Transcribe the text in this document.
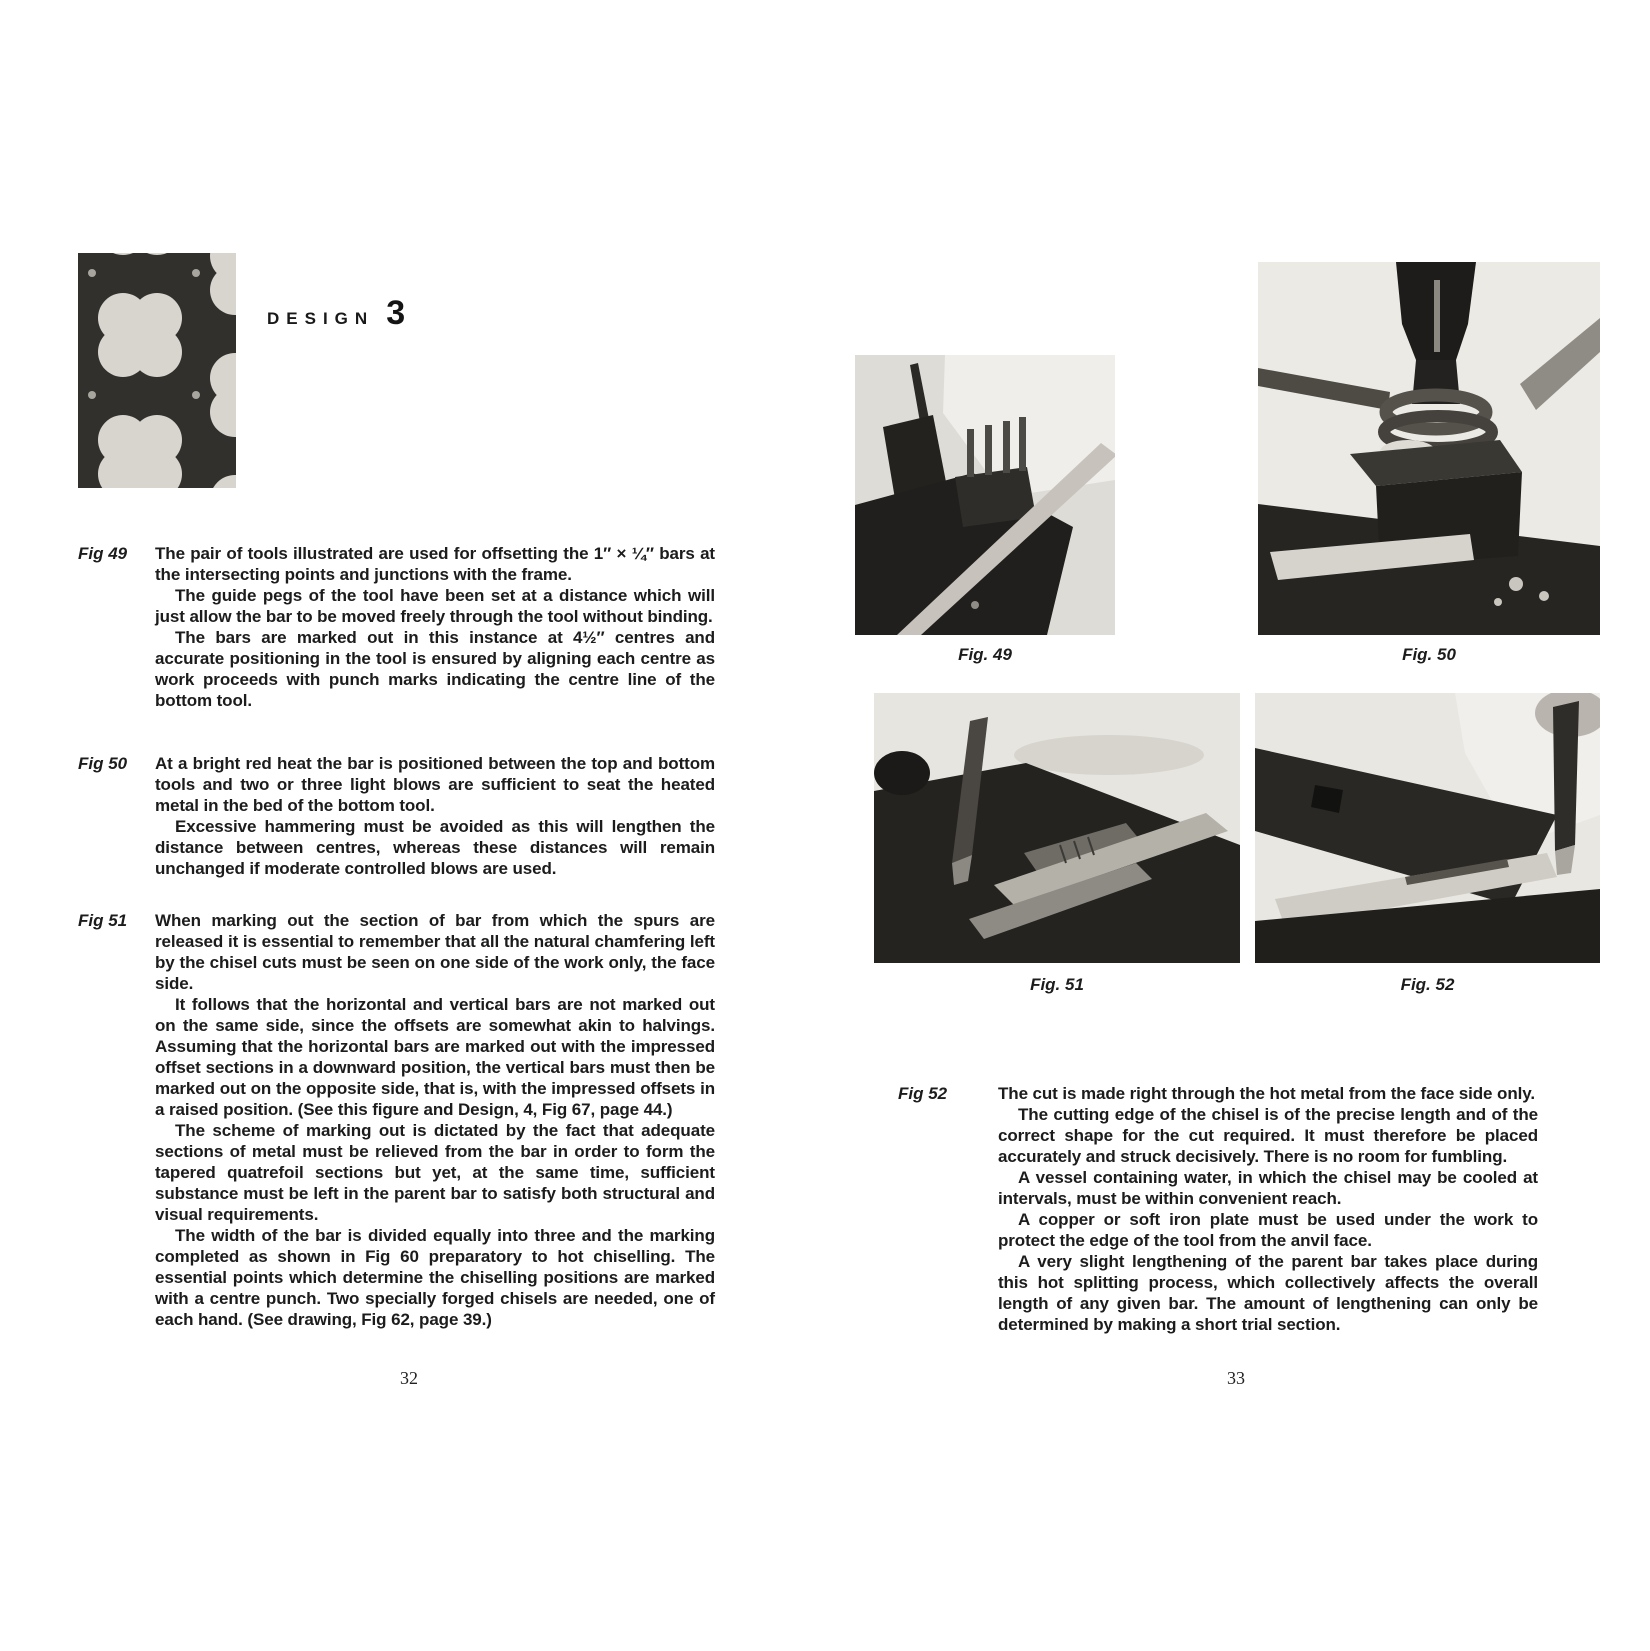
DESIGN 3
Fig 49	The pair of tools illustrated are used for offsetting the 1″ × ¼″ bars at the intersecting points and junctions with the frame.

The guide pegs of the tool have been set at a distance which will just allow the bar to be moved freely through the tool without binding.

The bars are marked out in this instance at 4½″ centres and accurate positioning in the tool is ensured by aligning each centre as work proceeds with punch marks indicating the centre line of the bottom tool.

Fig 50	At a bright red heat the bar is positioned between the top and bottom tools and two or three light blows are sufficient to seat the heated metal in the bed of the bottom tool.

Excessive hammering must be avoided as this will lengthen the distance between centres, whereas these distances will remain unchanged if moderate controlled blows are used.

Fig 51	When marking out the section of bar from which the spurs are released it is essential to remember that all the natural chamfering left by the chisel cuts must be seen on one side of the work only, the face side.

It follows that the horizontal and vertical bars are not marked out on the same side, since the offsets are somewhat akin to halvings. Assuming that the horizontal bars are marked out with the impressed offset sections in a downward position, the vertical bars must then be marked out on the opposite side, that is, with the impressed offsets in a raised position. (See this figure and Design, 4, Fig 67, page 44.)

The scheme of marking out is dictated by the fact that adequate sections of metal must be relieved from the bar in order to form the tapered quatrefoil sections but yet, at the same time, sufficient substance must be left in the parent bar to satisfy both structural and visual requirements.

The width of the bar is divided equally into three and the marking completed as shown in Fig 60 preparatory to hot chiselling. The essential points which determine the chiselling positions are marked with a centre punch. Two specially forged chisels are needed, one of each hand. (See drawing, Fig 62, page 39.)

32
Fig. 49	Fig. 50
Fig. 51	Fig. 52
Fig 52	The cut is made right through the hot metal from the face side only.

The cutting edge of the chisel is of the precise length and of the correct shape for the cut required. It must therefore be placed accurately and struck decisively. There is no room for fumbling.

A vessel containing water, in which the chisel may be cooled at intervals, must be within convenient reach.

A copper or soft iron plate must be used under the work to protect the edge of the tool from the anvil face.

A very slight lengthening of the parent bar takes place during this hot splitting process, which collectively affects the overall length of any given bar. The amount of lengthening can only be determined by making a short trial section.

33
